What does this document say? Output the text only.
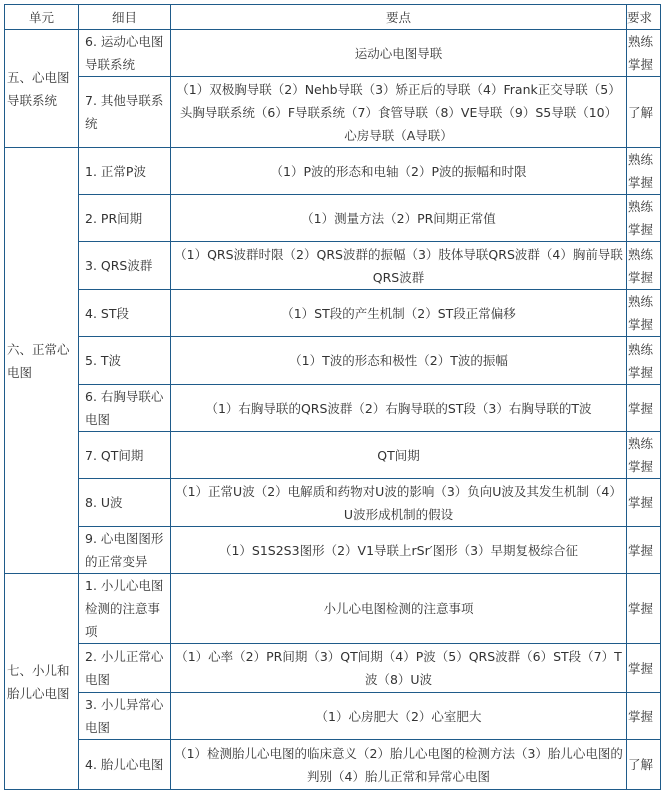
单元	细目	要点	要求
五、心电图导联系统	6. 运动心电图导联系统	运动心电图导联	熟练掌握
	7. 其他导联系统	（1）双极胸导联（2）Nehb导联（3）矫正后的导联（4）Frank正交导联（5）头胸导联系统（6）F导联系统（7）食管导联（8）VE导联（9）S5导联（10）心房导联（A导联）	了解
六、正常心电图	1. 正常P波	（1）P波的形态和电轴（2）P波的振幅和时限	熟练掌握
	2. PR间期	（1）测量方法（2）PR间期正常值	熟练掌握
	3. QRS波群	（1）QRS波群时限（2）QRS波群的振幅（3）肢体导联QRS波群（4）胸前导联QRS波群	熟练掌握
	4. ST段	（1）ST段的产生机制（2）ST段正常偏移	熟练掌握
	5. T波	（1）T波的形态和极性（2）T波的振幅	熟练掌握
	6. 右胸导联心电图	（1）右胸导联的QRS波群（2）右胸导联的ST段（3）右胸导联的T波	掌握
	7. QT间期	QT间期	熟练掌握
	8. U波	（1）正常U波（2）电解质和药物对U波的影响（3）负向U波及其发生机制（4）U波形成机制的假设	掌握
	9. 心电图图形的正常变异	（1）S1S2S3图形（2）V1导联上rSr′图形（3）早期复极综合征	掌握
七、小儿和胎儿心电图	1. 小儿心电图检测的注意事项	小儿心电图检测的注意事项	掌握
	2. 小儿正常心电图	（1）心率（2）PR间期（3）QT间期（4）P波（5）QRS波群（6）ST段（7）T波（8）U波	掌握
	3. 小儿异常心电图	（1）心房肥大（2）心室肥大	掌握
	4. 胎儿心电图	（1）检测胎儿心电图的临床意义（2）胎儿心电图的检测方法（3）胎儿心电图的判别（4）胎儿正常和异常心电图	了解
